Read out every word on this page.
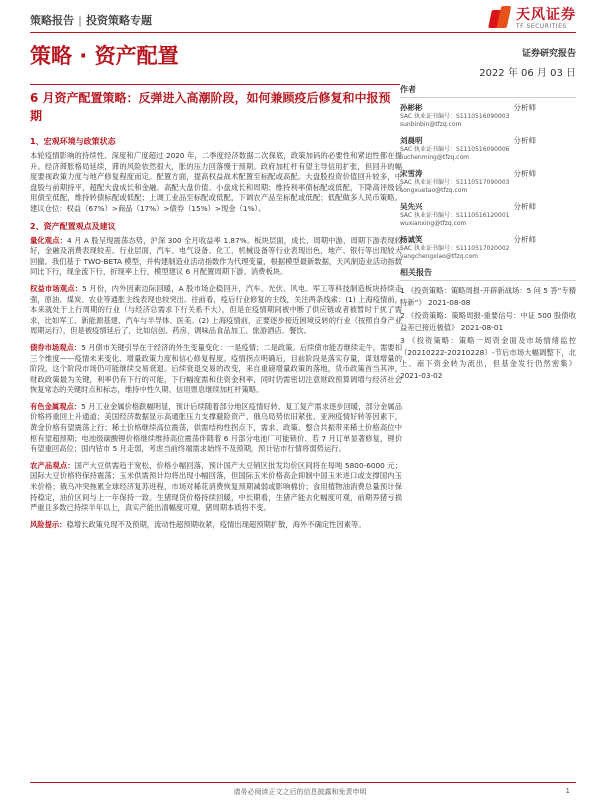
策略报告 | 投资策略专题	天风证券
TF SECURITIES
策略 · 资产配置	证券研究报告
2022 年 06 月 03 日
6 月资产配置策略：反弹进入高潮阶段，如何兼顾疫后修复和中报预期
1、宏观环境与政策状态

本轮疫情影响的持续性、深度和广度超过 2020 年，二季度经济数据二次探底，政策加码的必要性和紧迫性都在提升。经济滞胀格局延续，滞的风险依然很大，胀的压力回落慢于预期。政府加杠杆有望主导信用扩张，但回升的幅度要视政策力度与地产修复程度而定。配置方面，提高权益战术配置至标配或高配。大盘股投资价值回升较多，中盘股与前期持平，超配大盘成长和金融。高配大盘价值、小盘成长和周期；维持利率债标配或低配，下降高评级信用债至低配，维持转债标配或低配；上调工业品至标配或低配，下调农产品至标配或低配；低配做多人民币策略。建议仓位：权益（67%）>商品（17%）>债券（15%）>现金（1%）。

2、资产配置观点及建议

量化观点：4 月 A 股呈现震荡态势，沪深 300 全月收益率 1.87%。板块层面，成长、周期中游、周期下游表现较好，金融及消费表现较差。行业层面，汽车、电气设备、化工、机械设备等行业表现出色，地产、银行等出现较大回撤。我们基于 TWO-BETA 模型，并构建制造业活动指数作为代理变量，根据模型最新数据，天风制造业活动指数同比下行，现金流下行，折现率上行，模型建议 6 月配置周期下游、消费板块。

权益市场观点：5 月份，内外因素边际回暖，A 股市场企稳回升，汽车、光伏、风电、军工等科技制造板块持续走强，原油、煤炭、农业等通胀主线表现也较突出。往前看，疫后行业修复的主线，关注两条线索：(1) 上海疫情前，本来就处于上行周期的行业（与经济总需求下行关系不大），但是在疫情期间被中断了供应链或者被暂时干扰了需求，比如军工、新能源基建、汽车与半导体、医美。(2) 上海疫情前，正要逐步接近困境反转的行业（按照自身产业周期运行），但是被疫情延后了，比如信创、药房、调味品食品加工、旅游酒店、餐饮。

债券市场观点：5 月债市关键引导在于经济的外生变量变化：一是疫情；二是政策。后续债市能否继续走牛，需要扣三个维度——疫情未来变化、增量政策力度和信心修复程度。疫情拐点明确后，目前阶段是落实存量，谋划增量的阶段，这个阶段市场仍可能继续交易衰退。后续衰退交易的改变，来自重磅增量政策的落地，货币政策首当其冲，财政政策最为关键，利率仍有下行的可能，下行幅度需和住资金利率，同时仍需密切注意财政预算调增与经济社会恢复常态的关键时点和标志，维持中性久期、信用票息继续加杠杆策略。

有色金属观点：5 月工业金属价格跌幅明显，预计后续随着部分地区疫情好转、复工复产需求逐步回暖，部分金属品价格将重回上升通道；美国经济数据显示高通胀压力支撑避险资产、俄乌局势依旧紧张、亚洲疫情好转等因素下，黄金价格有望震荡上行；稀土价格继续高位震荡，供需结构性拐点下，需求、政策、整合共振带来稀土价格高位中枢有望超预期；电池级碳酸锂价格继续维持高位震荡伴随着 6 月部分电池厂可能锁价、若 7 月订单显著修复，锂价有望重回高位；国内钴市 5 月走弱，考虑当前终端需求始终不及预期，预计钴市行情将弱势运行。

农产品观点：国产大豆供需趋于宽松，价格小幅回落，预计国产大豆销区批发均价区间将在每吨 5800-6000 元；国际大豆价格将保持震荡；玉米供需预计均将出现小幅回落，但国际玉米价格高企抑制中国玉米进口或支撑国内玉米价格；俄乌冲突拖累全球经济复苏进程，市场对稀花消费恢复预期减弱或影响棉价；食用植物油消费总量预计保持稳定，油价区间与上一年保持一致。生猪现货价格持续回暖，中长期看，生猪产能去化幅度可观，前期养猪亏损严重且多数已持续半年以上，真实产能出清幅度可观，猪周期本质将不变。

风险提示：稳增长政策兑现不及预期，流动性超预期收紧，疫情出现超预期扩散，海外不确定性因素等。

作者
孙彬彬	分析师
SAC 执业证书编号：S1110516090003
sunbinbin@tfzq.com
刘晨明	分析师
SAC 执业证书编号：S1110516090006
liuchenming@tfzq.com
宋雪涛	分析师
SAC 执业证书编号：S1110517090003
songxuetao@tfzq.com
吴先兴	分析师
SAC 执业证书编号：S1110516120001
wuxianxing@tfzq.com
杨诚笑	分析师
SAC 执业证书编号：S1110517020002
yangchengxiao@tfzq.com
相关报告
1 《投资策略：策略周报-开辟新战场：5 问 5 答“专精特新”》 2021-08-08
2 《投资策略：策略周报-重要信号：中证 500 股债收益差已接近极值》 2021-08-01
3 《投资策略：策略一周资金面及市场情绪监控（20210222-20210228）-节后市场大幅调整下，北上、南下资金转为流出，但基金发行仍然密集》 2021-03-02
请务必阅读正文之后的信息披露和免责申明	1
